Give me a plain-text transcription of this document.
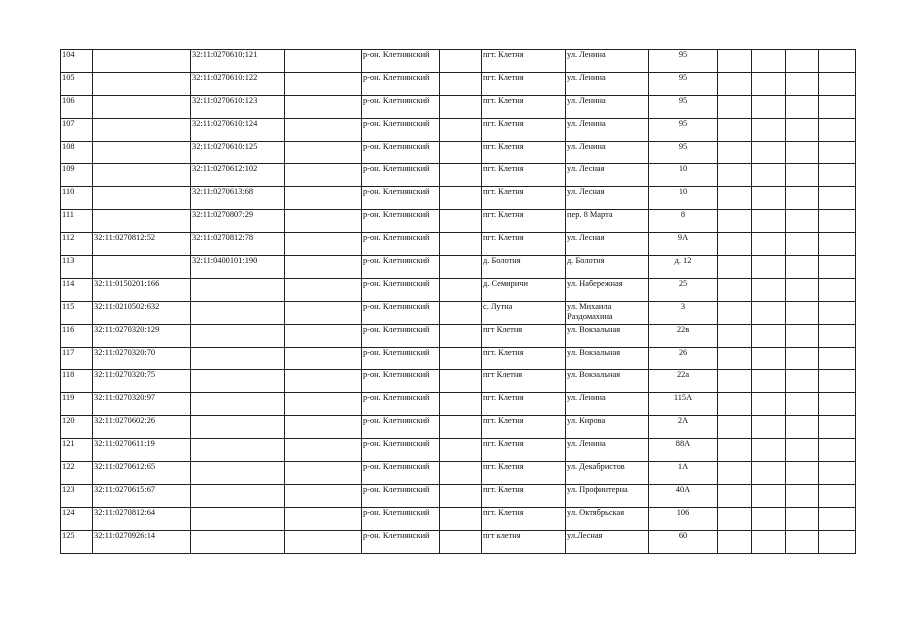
104		32:11:0270610:121		р-он. Клетнянский		пгт. Клетня	ул. Ленина	95				
105		32:11:0270610:122		р-он. Клетнянский		пгт. Клетня	ул. Ленина	95				
106		32:11:0270610:123		р-он. Клетнянский		пгт. Клетня	ул. Ленина	95				
107		32:11:0270610:124		р-он. Клетнянский		пгт. Клетня	ул. Ленина	95				
108		32:11:0270610:125		р-он. Клетнянский		пгт. Клетня	ул. Ленина	95				
109		32:11:0270612:102		р-он. Клетнянский		пгт. Клетня	ул. Лесная	10				
110		32:11:0270613:68		р-он. Клетнянский		пгт. Клетня	ул. Лесная	10				
111		32:11:0270807:29		р-он. Клетнянский		пгт. Клетня	пер. 8 Марта	8				
112	32:11:0270812:52	32:11:0270812:78		р-он. Клетнянский		пгт. Клетня	ул. Лесная	9А				
113		32:11:0400101:190		р-он. Клетнянский		д. Болотня	д. Болотня	д. 12				
114	32:11:0150201:166			р-он. Клетнянский		д. Семиричи	ул. Набережная	25				
115	32:11:0210502:632			р-он. Клетнянский		с. Лутна	ул. Михаила Раздомахина	3				
116	32:11:0270320:129			р-он. Клетнянский		пгт Клетня	ул. Вокзальная	22в				
117	32:11:0270320:70			р-он. Клетнянский		пгт. Клетня	ул. Вокзальная	26				
118	32:11:0270320:75			р-он. Клетнянский		пгт Клетня	ул. Вокзальная	22а				
119	32:11:0270320:97			р-он. Клетнянский		пгт. Клетня	ул. Ленина	115А				
120	32:11:0270602:26			р-он. Клетнянский		пгт. Клетня	ул. Кирова	2А				
121	32:11:0270611:19			р-он. Клетнянский		пгт. Клетня	ул. Ленина	88А				
122	32:11:0270612:65			р-он. Клетнянский		пгт. Клетня	ул. Декабристов	1А				
123	32:11:0270615:67			р-он. Клетнянский		пгт. Клетня	ул. Профинтерна	40А				
124	32:11:0270812:64			р-он. Клетнянский		пгт. Клетня	ул. Октябрьская	106				
125	32:11:0270926:14			р-он. Клетнянский		пгт клетня	ул.Лесная	60				
